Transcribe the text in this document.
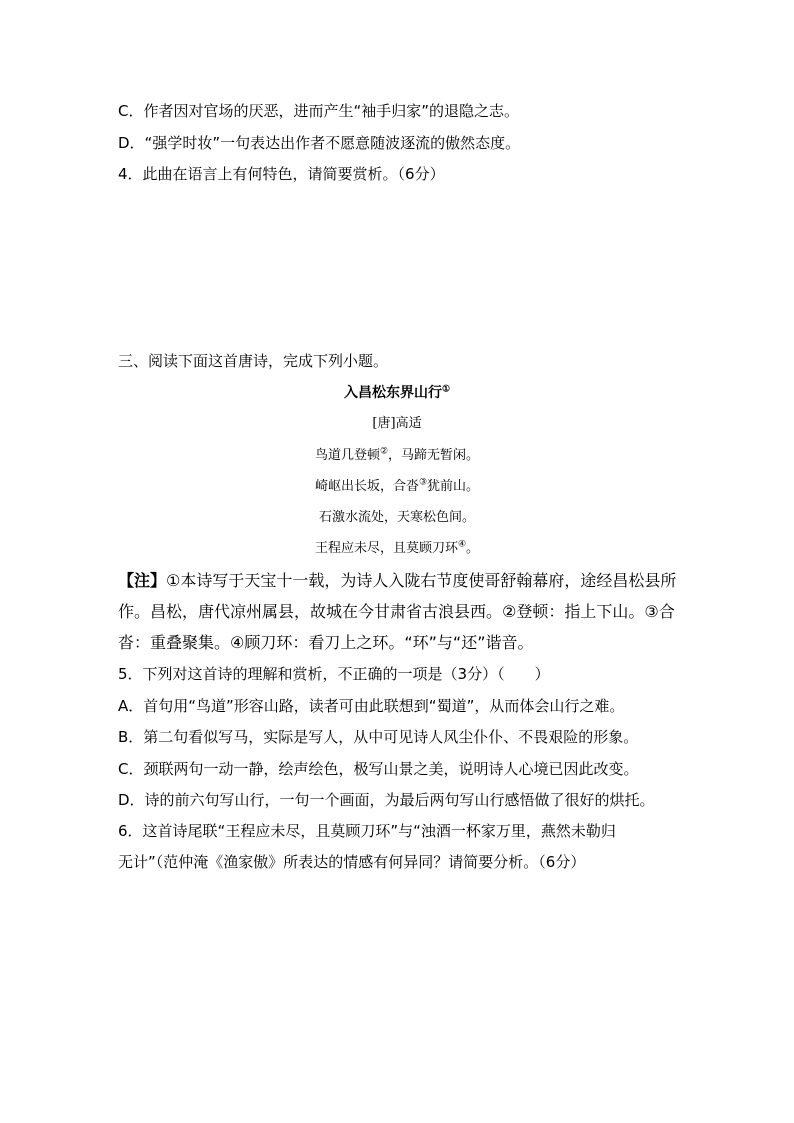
C．作者因对官场的厌恶，进而产生“袖手归家”的退隐之志。
D．“强学时妆”一句表达出作者不愿意随波逐流的傲然态度。
4．此曲在语言上有何特色，请简要赏析。（6分）
三、阅读下面这首唐诗，完成下列小题。
入昌松东界山行①
[唐]高适
鸟道几登顿②，马蹄无暂闲。
崎岖出长坂，合沓③犹前山。
石激水流处，天寒松色间。
王程应未尽，且莫顾刀环④。
【注】①本诗写于天宝十一载，为诗人入陇右节度使哥舒翰幕府，途经昌松县所
作。昌松，唐代凉州属县，故城在今甘肃省古浪县西。②登顿：指上下山。③合
沓：重叠聚集。④顾刀环：看刀上之环。“环”与“还”谐音。
5．下列对这首诗的理解和赏析，不正确的一项是（3分）（　　）
A．首句用“鸟道”形容山路，读者可由此联想到“蜀道”，从而体会山行之难。
B．第二句看似写马，实际是写人，从中可见诗人风尘仆仆、不畏艰险的形象。
C．颈联两句一动一静，绘声绘色，极写山景之美，说明诗人心境已因此改变。
D．诗的前六句写山行，一句一个画面，为最后两句写山行感悟做了很好的烘托。
6．这首诗尾联“王程应未尽，且莫顾刀环”与“浊酒一杯家万里，燕然未勒归
无计”（范仲淹《渔家傲》所表达的情感有何异同？请简要分析。（6分）
